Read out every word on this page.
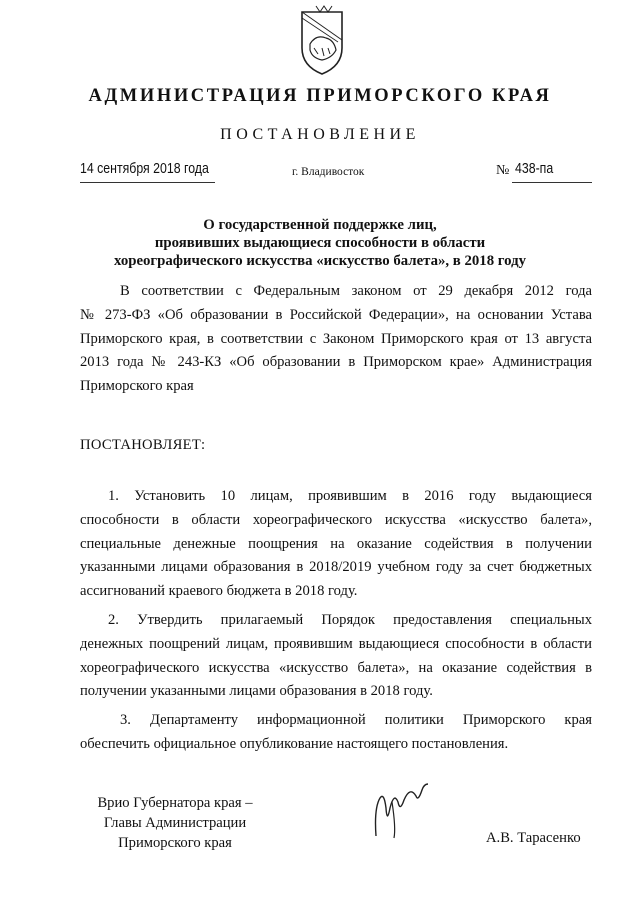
АДМИНИСТРАЦИЯ ПРИМОРСКОГО КРАЯ
ПОСТАНОВЛЕНИЕ
14 сентября 2018 года	г. Владивосток	№ 438-па
О государственной поддержке лиц,
проявивших выдающиеся способности в области
хореографического искусства «искусство балета», в 2018 году
В соответствии с Федеральным законом от 29 декабря 2012 года
№ 273-ФЗ «Об образовании в Российской Федерации», на основании Устава
Приморского края, в соответствии с Законом Приморского края от 13 августа
2013 года № 243-КЗ «Об образовании в Приморском крае» Администрация
Приморского края
ПОСТАНОВЛЯЕТ:
1. Установить 10 лицам, проявившим в 2016 году выдающиеся
способности в области хореографического искусства «искусство балета»,
специальные денежные поощрения на оказание содействия в получении
указанными лицами образования в 2018/2019 учебном году за счет бюджетных
ассигнований краевого бюджета в 2018 году.
2. Утвердить прилагаемый Порядок предоставления специальных
денежных поощрений лицам, проявившим выдающиеся способности в области
хореографического искусства «искусство балета», на оказание содействия в
получении указанными лицами образования в 2018 году.
3. Департаменту информационной политики Приморского края
обеспечить официальное опубликование настоящего постановления.
Врио Губернатора края –
Главы Администрации
Приморского края	А.В. Тарасенко
